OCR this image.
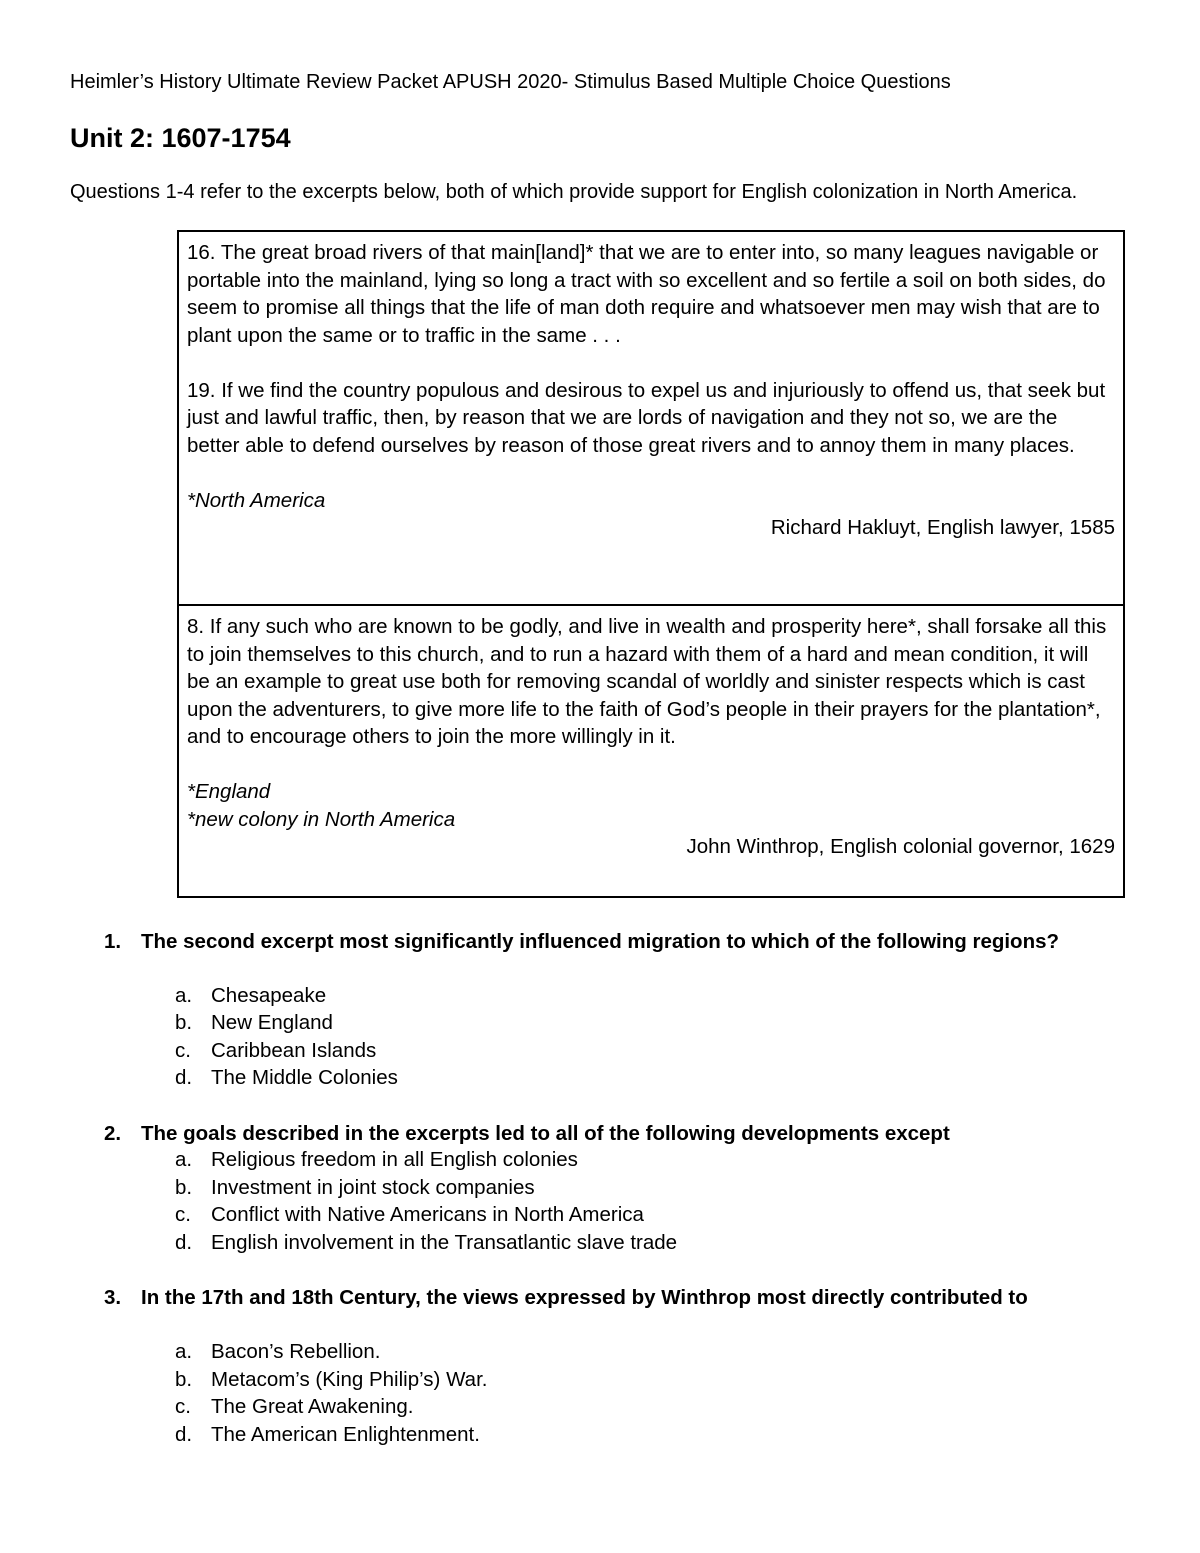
Heimler’s History Ultimate Review Packet APUSH 2020- Stimulus Based Multiple Choice Questions
Unit 2: 1607-1754
Questions 1-4 refer to the excerpts below, both of which provide support for English colonization in North America.

16. The great broad rivers of that main[land]* that we are to enter into, so many leagues navigable or portable into the mainland, lying so long a tract with so excellent and so fertile a soil on both sides, do seem to promise all things that the life of man doth require and whatsoever men may wish that are to plant upon the same or to traffic in the same . . .

19. If we find the country populous and desirous to expel us and injuriously to offend us, that seek but just and lawful traffic, then, by reason that we are lords of navigation and they not so, we are the better able to defend ourselves by reason of those great rivers and to annoy them in many places.

*North America

Richard Hakluyt, English lawyer, 1585

8. If any such who are known to be godly, and live in wealth and prosperity here*, shall forsake all this to join themselves to this church, and to run a hazard with them of a hard and mean condition, it will be an example to great use both for removing scandal of worldly and sinister respects which is cast upon the adventurers, to give more life to the faith of God’s people in their prayers for the plantation*, and to encourage others to join the more willingly in it.

*England

*new colony in North America

John Winthrop, English colonial governor, 1629

1. The second excerpt most significantly influenced migration to which of the following regions?
a. Chesapeake
b. New England
c. Caribbean Islands
d. The Middle Colonies
2. The goals described in the excerpts led to all of the following developments except
a. Religious freedom in all English colonies
b. Investment in joint stock companies
c. Conflict with Native Americans in North America
d. English involvement in the Transatlantic slave trade
3. In the 17th and 18th Century, the views expressed by Winthrop most directly contributed to
a. Bacon’s Rebellion.
b. Metacom’s (King Philip’s) War.
c. The Great Awakening.
d. The American Enlightenment.
